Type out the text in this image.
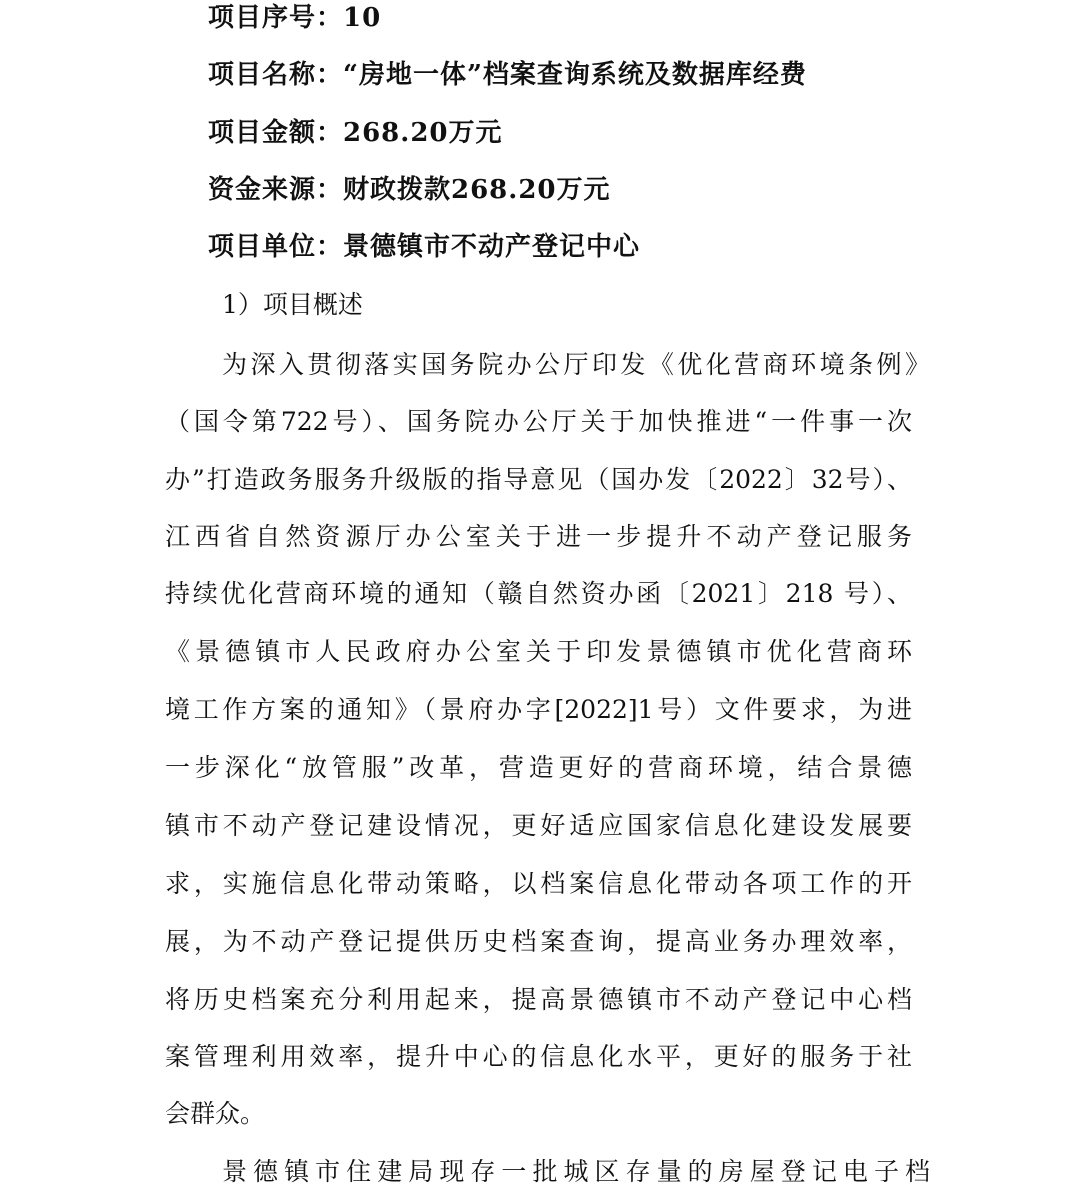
项目序号：10
项目名称：“房地一体”档案查询系统及数据库经费
项目金额：268.20万元
资金来源：财政拨款268.20万元
项目单位：景德镇市不动产登记中心
1）项目概述
为深入贯彻落实国务院办公厅印发《优化营商环境条例》
（国令第722号）、国务院办公厅关于加快推进“一件事一次
办”打造政务服务升级版的指导意见（国办发〔2022〕32号）、
江西省自然资源厅办公室关于进一步提升不动产登记服务
持续优化营商环境的通知（赣自然资办函〔2021〕218 号）、
《景德镇市人民政府办公室关于印发景德镇市优化营商环
境工作方案的通知》（景府办字[2022]1号）文件要求，为进
一步深化“放管服”改革，营造更好的营商环境，结合景德
镇市不动产登记建设情况，更好适应国家信息化建设发展要
求，实施信息化带动策略，以档案信息化带动各项工作的开
展，为不动产登记提供历史档案查询，提高业务办理效率，
将历史档案充分利用起来，提高景德镇市不动产登记中心档
案管理利用效率，提升中心的信息化水平，更好的服务于社
会群众。
景德镇市住建局现存一批城区存量的房屋登记电子档
